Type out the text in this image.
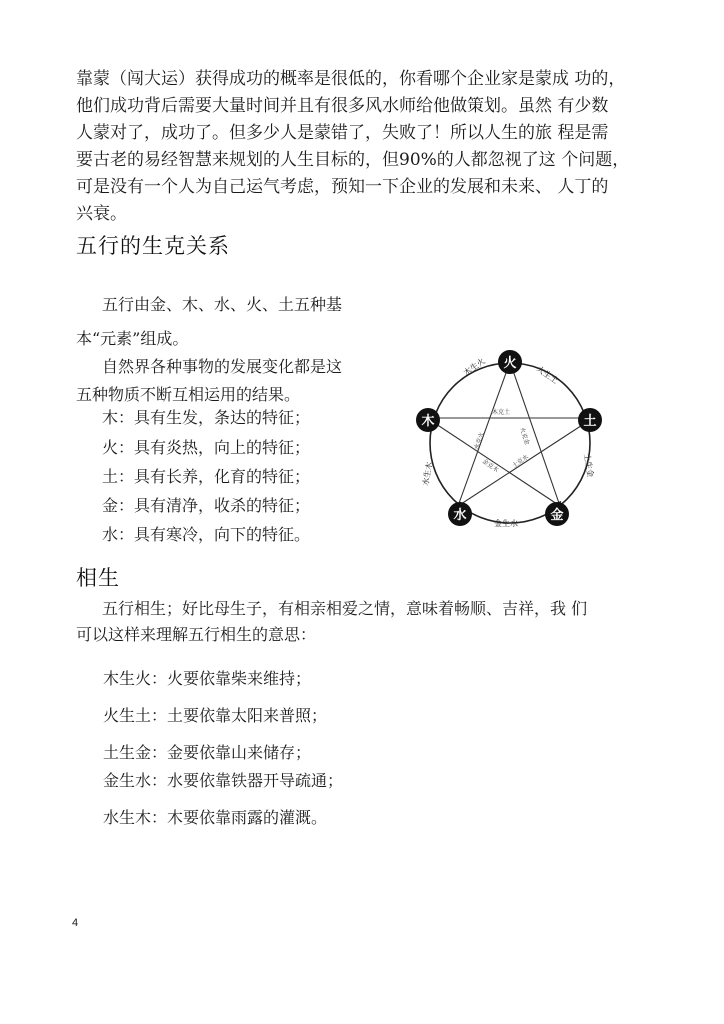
靠蒙（闯大运）获得成功的概率是很低的，你看哪个企业家是蒙成 功的，

他们成功背后需要大量时间并且有很多风水师给他做策划。虽然 有少数

人蒙对了，成功了。但多少人是蒙错了，失败了！所以人生的旅 程是需

要古老的易经智慧来规划的人生目标的，但90%的人都忽视了这 个问题，

可是没有一个人为自己运气考虑，预知一下企业的发展和未来、 人丁的

兴衰。

五行的生克关系

五行由金、木、水、火、土五种基

本“元素”组成。

自然界各种事物的发展变化都是这

五种物质不断互相运用的结果。

木：具有生发，条达的特征；

火：具有炎热，向上的特征；

土：具有长养，化育的特征；

金：具有清净，收杀的特征；

水：具有寒冷，向下的特征。

木生火	火生土
土生金
金生水
水生木
木克土
火克金
土克水
金克木
水克火
火
土
金
水
木
相生

五行相生；好比母生子，有相亲相爱之情，意味着畅顺、吉祥，我 们

可以这样来理解五行相生的意思：

木生火：火要依靠柴来维持；

火生土：土要依靠太阳来普照；

土生金：金要依靠山来储存；

金生水：水要依靠铁器开导疏通；

水生木：木要依靠雨露的灌溉。

4
